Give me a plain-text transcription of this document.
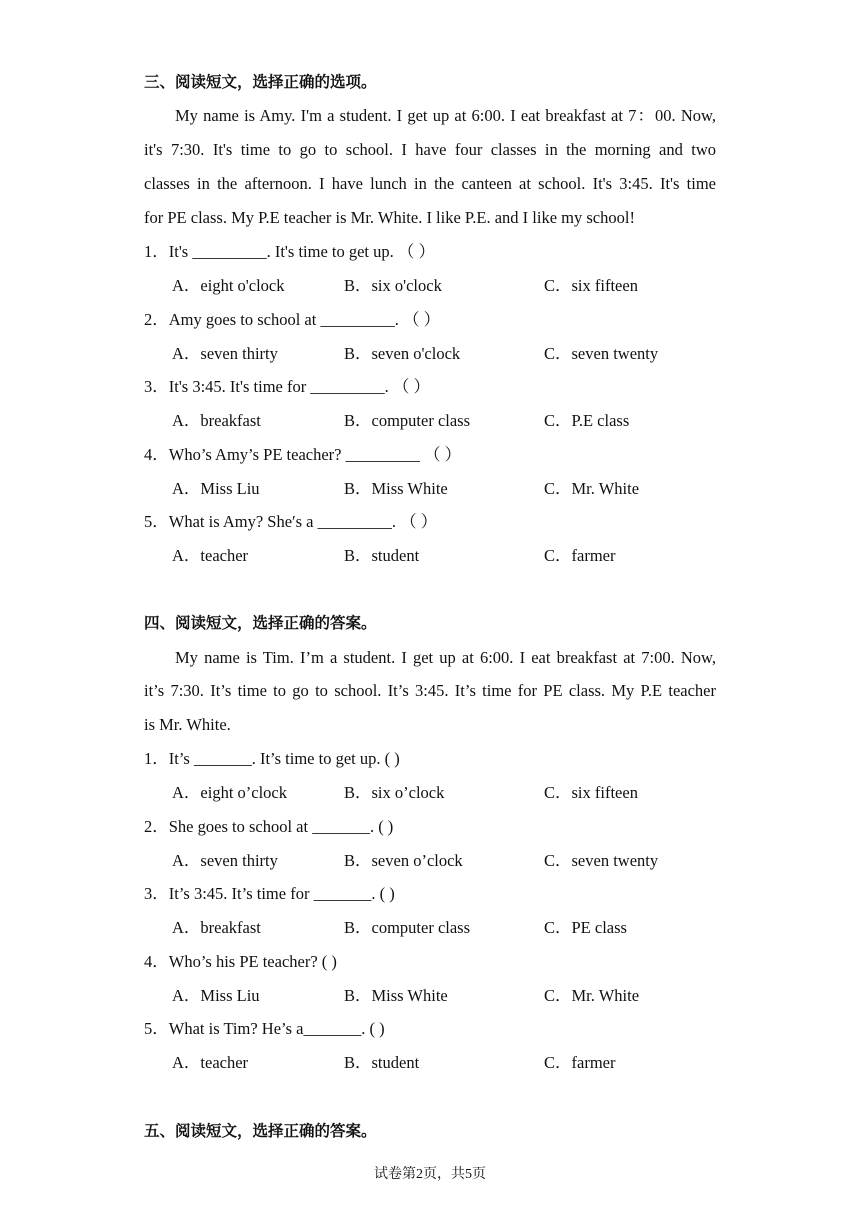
三、阅读短文，选择正确的选项。
My name is Amy. I'm a student. I get up at 6:00. I eat breakfast at 7：00. Now,
it's 7:30. It's time to go to school. I have four classes in the morning and two
classes in the afternoon. I have lunch in the canteen at school. It's 3:45. It's time
for PE class. My P.E teacher is Mr. White. I like P.E. and I like my school!
1．It's _________. It's time to get up. （ ）
A．eight o'clock	B．six o'clock	C．six fifteen
2．Amy goes to school at _________. （ ）
A．seven thirty	B．seven o'clock	C．seven twenty
3．It's 3:45. It's time for _________. （ ）
A．breakfast	B．computer class	C．P.E class
4．Who’s Amy’s PE teacher? _________ （ ）
A．Miss Liu	B．Miss White	C．Mr. White
5．What is Amy? She′s a _________. （ ）
A．teacher	B．student	C．farmer
四、阅读短文，选择正确的答案。
My name is Tim. I’m a student. I get up at 6:00. I eat breakfast at 7:00. Now,
it’s 7:30. It’s time to go to school. It’s 3:45. It’s time for PE class. My P.E teacher
is Mr. White.
1．It’s _______. It’s time to get up. ( )
A．eight o’clock	B．six o’clock	C．six fifteen
2．She goes to school at _______. ( )
A．seven thirty	B．seven o’clock	C．seven twenty
3．It’s 3:45. It’s time for _______. ( )
A．breakfast	B．computer class	C．PE class
4．Who’s his PE teacher? ( )
A．Miss Liu	B．Miss White	C．Mr. White
5．What is Tim? He’s a_______. ( )
A．teacher	B．student	C．farmer
五、阅读短文，选择正确的答案。
试卷第2页，共5页
